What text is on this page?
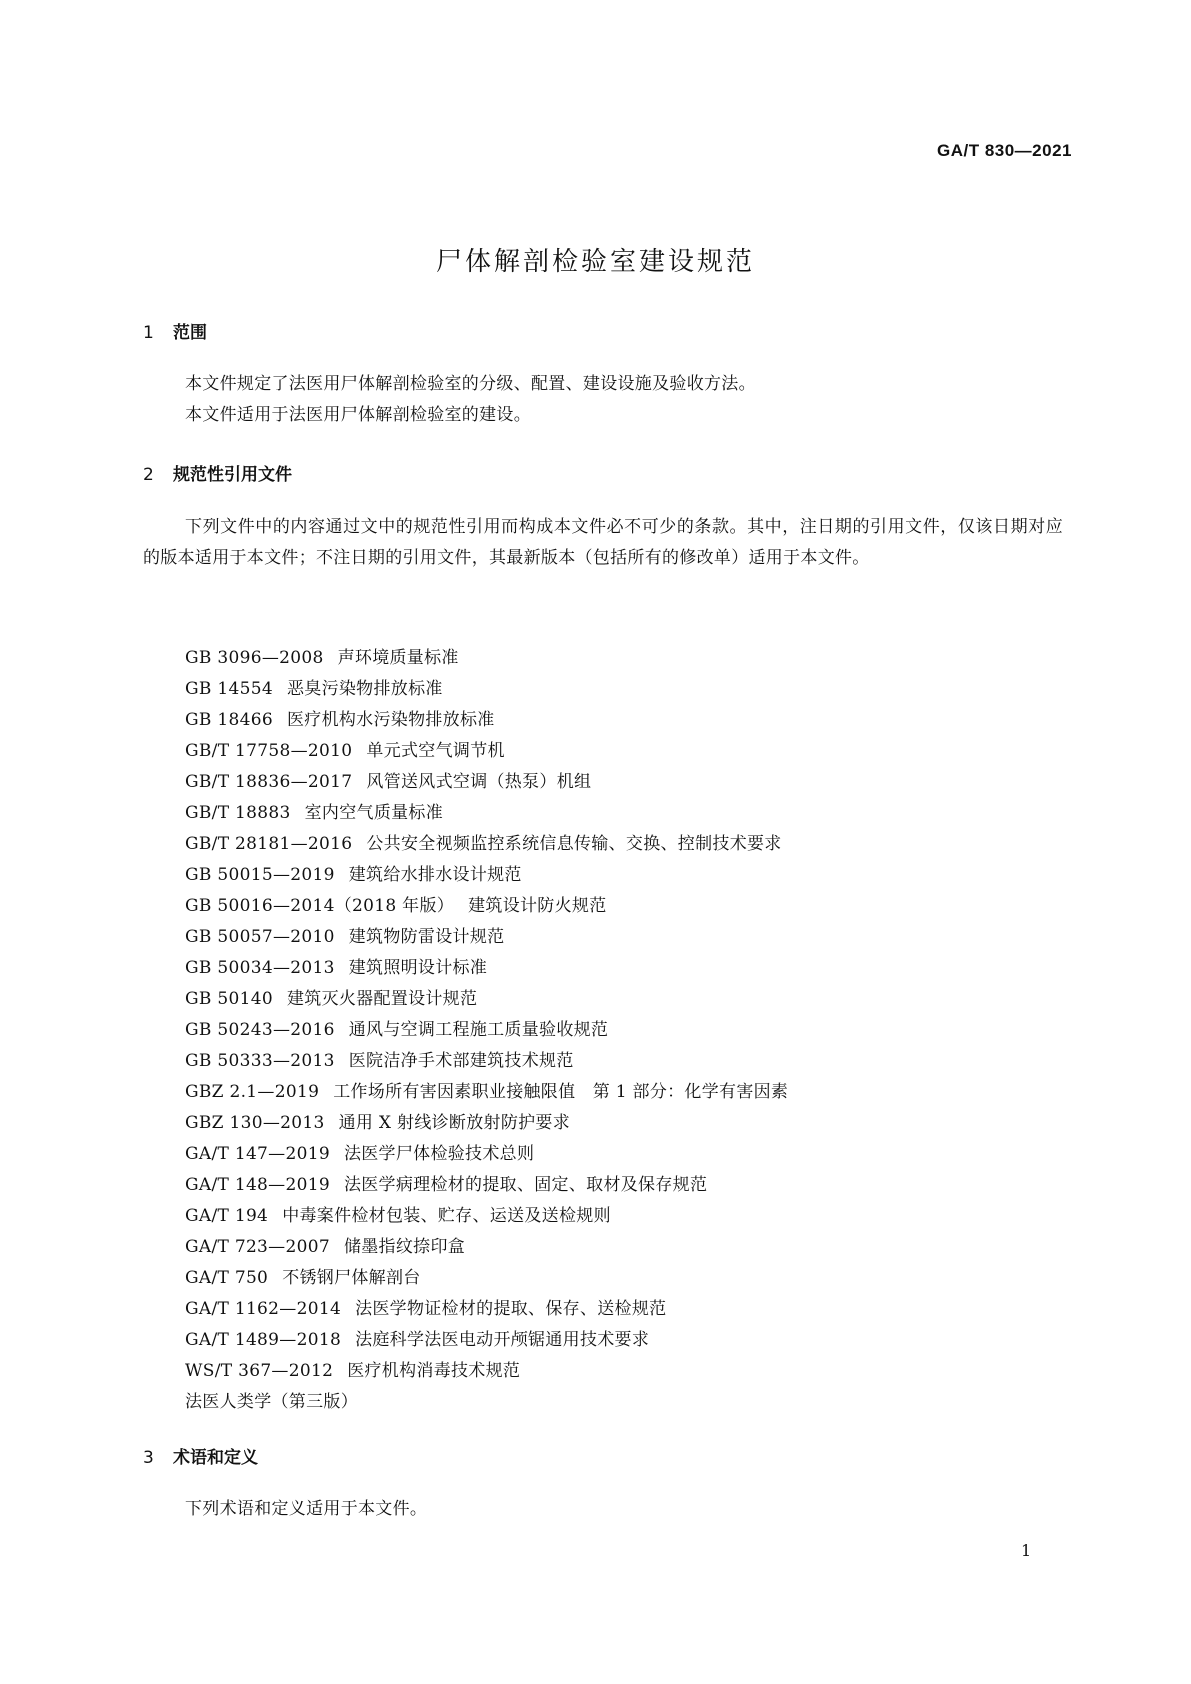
GA/T 830—2021
尸体解剖检验室建设规范
1 范围
本文件规定了法医用尸体解剖检验室的分级、配置、建设设施及验收方法。
本文件适用于法医用尸体解剖检验室的建设。
2 规范性引用文件
下列文件中的内容通过文中的规范性引用而构成本文件必不可少的条款。其中，注日期的引用文件，仅该日期对应的版本适用于本文件；不注日期的引用文件，其最新版本（包括所有的修改单）适用于本文件。
GB 3096—2008 声环境质量标准
GB 14554 恶臭污染物排放标准
GB 18466 医疗机构水污染物排放标准
GB/T 17758—2010 单元式空气调节机
GB/T 18836—2017 风管送风式空调（热泵）机组
GB/T 18883 室内空气质量标准
GB/T 28181—2016 公共安全视频监控系统信息传输、交换、控制技术要求
GB 50015—2019 建筑给水排水设计规范
GB 50016—2014（2018 年版） 建筑设计防火规范
GB 50057—2010 建筑物防雷设计规范
GB 50034—2013 建筑照明设计标准
GB 50140 建筑灭火器配置设计规范
GB 50243—2016 通风与空调工程施工质量验收规范
GB 50333—2013 医院洁净手术部建筑技术规范
GBZ 2.1—2019 工作场所有害因素职业接触限值　第 1 部分：化学有害因素
GBZ 130—2013 通用 X 射线诊断放射防护要求
GA/T 147—2019 法医学尸体检验技术总则
GA/T 148—2019 法医学病理检材的提取、固定、取材及保存规范
GA/T 194 中毒案件检材包装、贮存、运送及送检规则
GA/T 723—2007 储墨指纹捺印盒
GA/T 750 不锈钢尸体解剖台
GA/T 1162—2014 法医学物证检材的提取、保存、送检规范
GA/T 1489—2018 法庭科学法医电动开颅锯通用技术要求
WS/T 367—2012 医疗机构消毒技术规范
法医人类学（第三版）
3 术语和定义
下列术语和定义适用于本文件。
1
